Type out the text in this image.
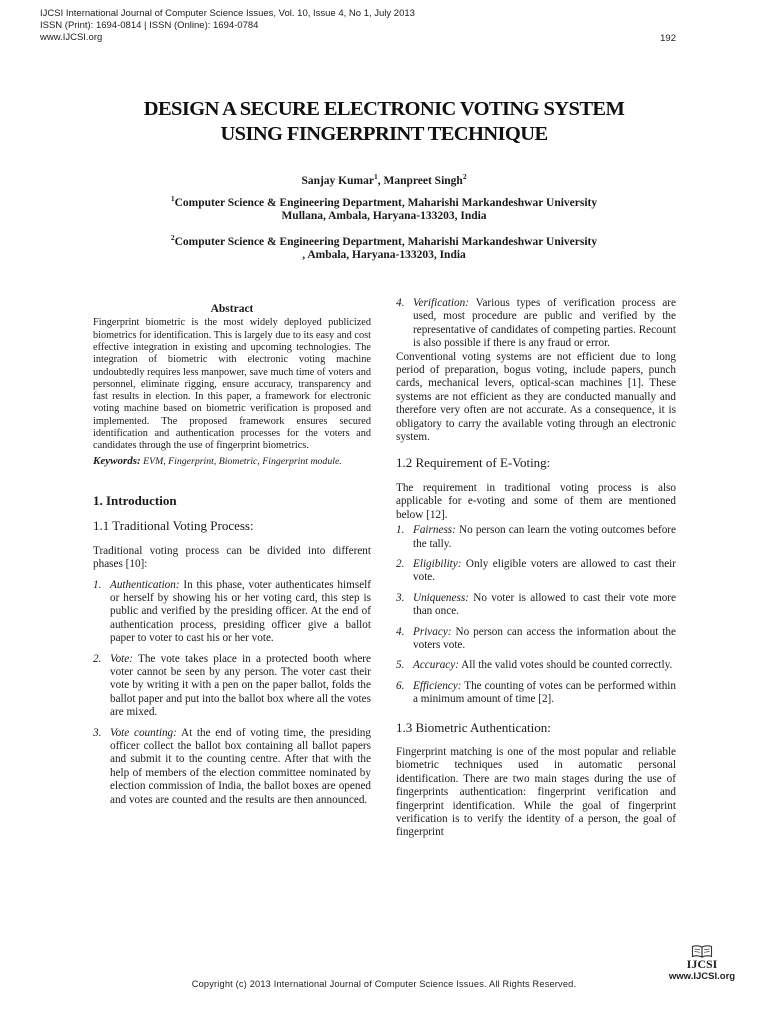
IJCSI International Journal of Computer Science Issues, Vol. 10, Issue 4, No 1, July 2013
ISSN (Print): 1694-0814 | ISSN (Online): 1694-0784
www.IJCSI.org	192
DESIGN A SECURE ELECTRONIC VOTING SYSTEM
USING FINGERPRINT TECHNIQUE
Sanjay Kumar$^1$, Manpreet Singh$^2$
$^1$Computer Science & Engineering Department, Maharishi Markandeshwar University
Mullana, Ambala, Haryana-133203, India
$^2$Computer Science & Engineering Department, Maharishi Markandeshwar University
, Ambala, Haryana-133203, India
Abstract

Fingerprint biometric is the most widely deployed publicized biometrics for identification. This is largely due to its easy and cost effective integration in existing and upcoming technologies. The integration of biometric with electronic voting machine undoubtedly requires less manpower, save much time of voters and personnel, eliminate rigging, ensure accuracy, transparency and fast results in election. In this paper, a framework for electronic voting machine based on biometric verification is proposed and implemented. The proposed framework ensures secured identification and authentication processes for the voters and candidates through the use of fingerprint biometrics.

Keywords: EVM, Fingerprint, Biometric, Fingerprint module.

1. Introduction
1.1 Traditional Voting Process:

Traditional voting process can be divided into different phases [10]:

1. Authentication: In this phase, voter authenticates himself or herself by showing his or her voting card, this step is public and verified by the presiding officer. At the end of authentication process, presiding officer give a ballot paper to voter to cast his or her vote.
2. Vote: The vote takes place in a protected booth where voter cannot be seen by any person. The voter cast their vote by writing it with a pen on the paper ballot, folds the ballot paper and put into the ballot box where all the votes are mixed.
3. Vote counting: At the end of voting time, the presiding officer collect the ballot box containing all ballot papers and submit it to the counting centre. After that with the help of members of the election committee nominated by election commission of India, the ballot boxes are opened and votes are counted and the results are then announced.
4. Verification: Various types of verification process are used, most procedure are public and verified by the representative of candidates of competing parties. Recount is also possible if there is any fraud or error.

Conventional voting systems are not efficient due to long period of preparation, bogus voting, include papers, punch cards, mechanical levers, optical-scan machines [1]. These systems are not efficient as they are conducted manually and therefore very often are not accurate. As a consequence, it is obligatory to carry the available voting through an electronic system.

1.2 Requirement of E-Voting:

The requirement in traditional voting process is also applicable for e-voting and some of them are mentioned below [12].

1. Fairness: No person can learn the voting outcomes before the tally.
2. Eligibility: Only eligible voters are allowed to cast their vote.
3. Uniqueness: No voter is allowed to cast their vote more than once.
4. Privacy: No person can access the information about the voters vote.
5. Accuracy: All the valid votes should be counted correctly.
6. Efficiency: The counting of votes can be performed within a minimum amount of time [2].
1.3 Biometric Authentication:

Fingerprint matching is one of the most popular and reliable biometric techniques used in automatic personal identification. There are two main stages during the use of fingerprints authentication: fingerprint verification and fingerprint identification. While the goal of fingerprint verification is to verify the identity of a person, the goal of fingerprint

Copyright (c) 2013 International Journal of Computer Science Issues. All Rights Reserved.
IJCSI
www.IJCSI.org
